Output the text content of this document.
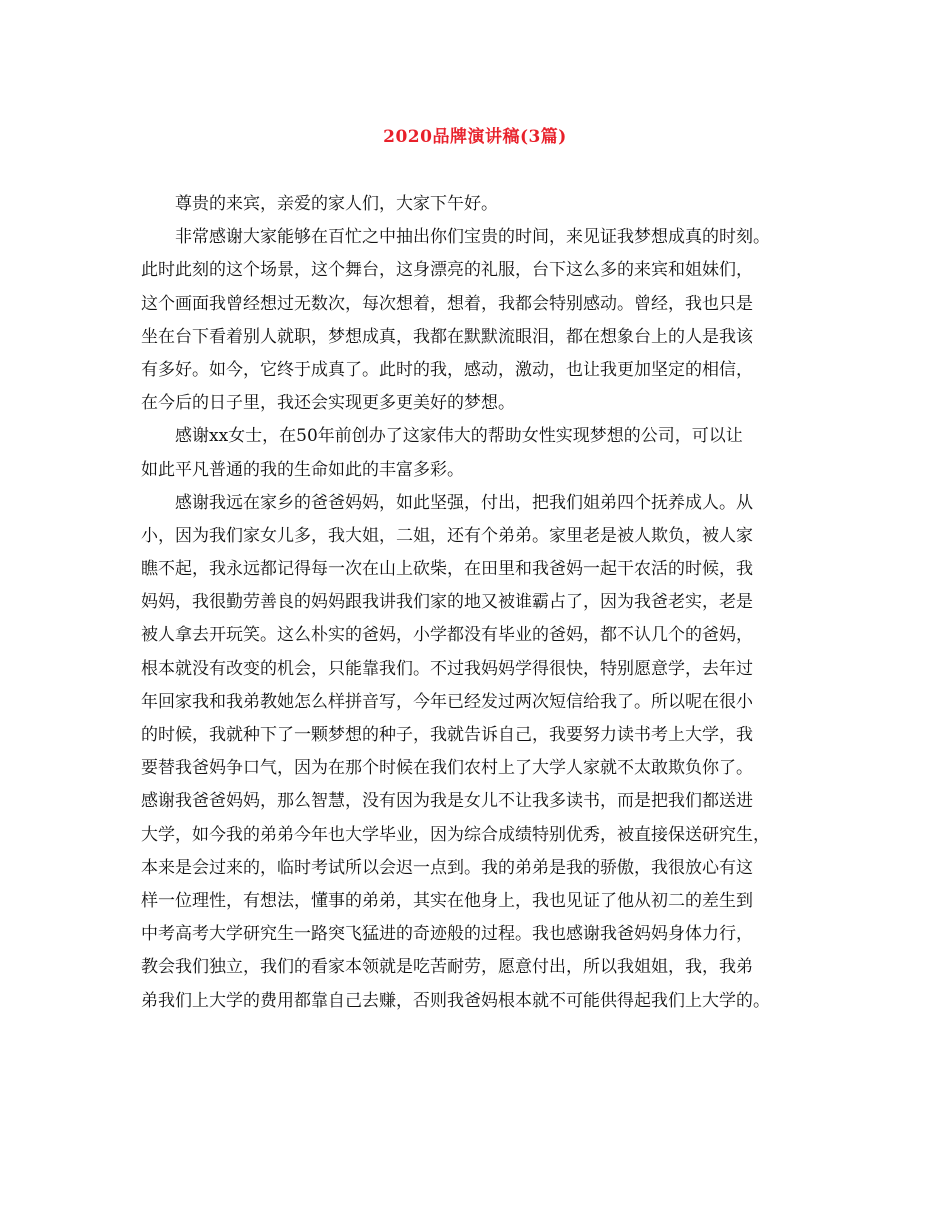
2020品牌演讲稿(3篇)
尊贵的来宾，亲爱的家人们，大家下午好。
非常感谢大家能够在百忙之中抽出你们宝贵的时间，来见证我梦想成真的时刻。
此时此刻的这个场景，这个舞台，这身漂亮的礼服，台下这么多的来宾和姐妹们，
这个画面我曾经想过无数次，每次想着，想着，我都会特别感动。曾经，我也只是
坐在台下看着别人就职，梦想成真，我都在默默流眼泪，都在想象台上的人是我该
有多好。如今，它终于成真了。此时的我，感动，激动，也让我更加坚定的相信，
在今后的日子里，我还会实现更多更美好的梦想。
感谢xx女士，在50年前创办了这家伟大的帮助女性实现梦想的公司，可以让
如此平凡普通的我的生命如此的丰富多彩。
感谢我远在家乡的爸爸妈妈，如此坚强，付出，把我们姐弟四个抚养成人。从
小，因为我们家女儿多，我大姐，二姐，还有个弟弟。家里老是被人欺负，被人家
瞧不起，我永远都记得每一次在山上砍柴，在田里和我爸妈一起干农活的时候，我
妈妈，我很勤劳善良的妈妈跟我讲我们家的地又被谁霸占了，因为我爸老实，老是
被人拿去开玩笑。这么朴实的爸妈，小学都没有毕业的爸妈，都不认几个的爸妈，
根本就没有改变的机会，只能靠我们。不过我妈妈学得很快，特别愿意学，去年过
年回家我和我弟教她怎么样拼音写，今年已经发过两次短信给我了。所以呢在很小
的时候，我就种下了一颗梦想的种子，我就告诉自己，我要努力读书考上大学，我
要替我爸妈争口气，因为在那个时候在我们农村上了大学人家就不太敢欺负你了。
感谢我爸爸妈妈，那么智慧，没有因为我是女儿不让我多读书，而是把我们都送进
大学，如今我的弟弟今年也大学毕业，因为综合成绩特别优秀，被直接保送研究生，
本来是会过来的，临时考试所以会迟一点到。我的弟弟是我的骄傲，我很放心有这
样一位理性，有想法，懂事的弟弟，其实在他身上，我也见证了他从初二的差生到
中考高考大学研究生一路突飞猛进的奇迹般的过程。我也感谢我爸妈妈身体力行，
教会我们独立，我们的看家本领就是吃苦耐劳，愿意付出，所以我姐姐，我，我弟
弟我们上大学的费用都靠自己去赚，否则我爸妈根本就不可能供得起我们上大学的。
